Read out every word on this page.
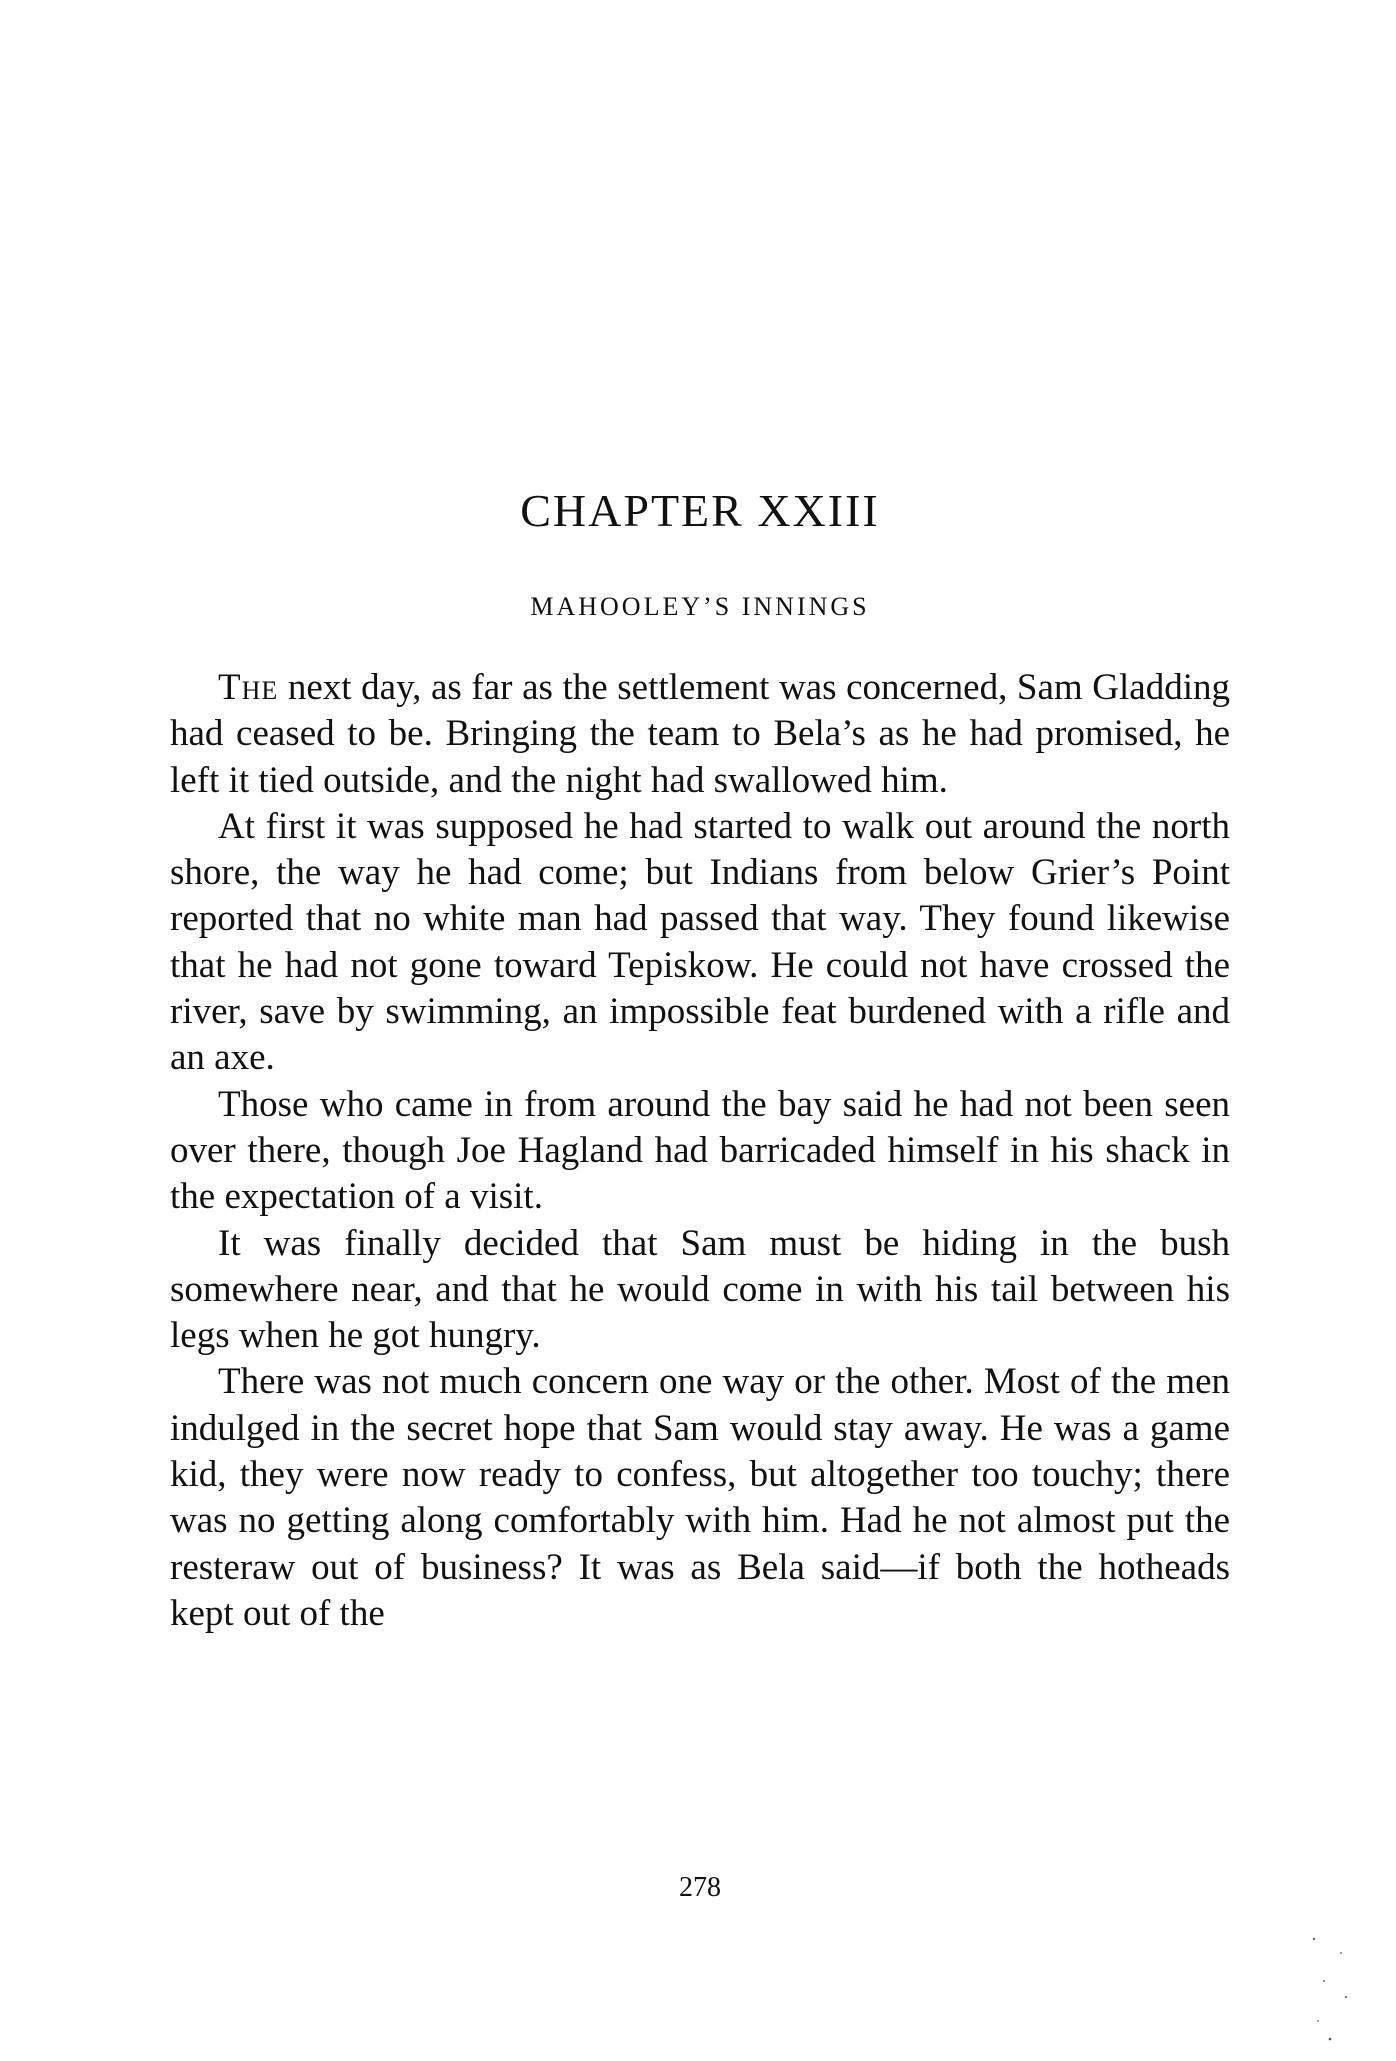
CHAPTER XXIII
MAHOOLEY’S INNINGS

The next day, as far as the settlement was concerned, Sam Gladding had ceased to be. Bringing the team to Bela’s as he had promised, he left it tied outside, and the night had swallowed him.

At first it was supposed he had started to walk out around the north shore, the way he had come; but Indians from below Grier’s Point reported that no white man had passed that way. They found likewise that he had not gone toward Tepiskow. He could not have crossed the river, save by swimming, an impossible feat burdened with a rifle and an axe.

Those who came in from around the bay said he had not been seen over there, though Joe Hagland had barricaded himself in his shack in the expectation of a visit.

It was finally decided that Sam must be hiding in the bush somewhere near, and that he would come in with his tail between his legs when he got hungry.

There was not much concern one way or the other. Most of the men indulged in the secret hope that Sam would stay away. He was a game kid, they were now ready to confess, but altogether too touchy; there was no getting along comfortably with him. Had he not almost put the resteraw out of business? It was as Bela said—if both the hotheads kept out of the

278
